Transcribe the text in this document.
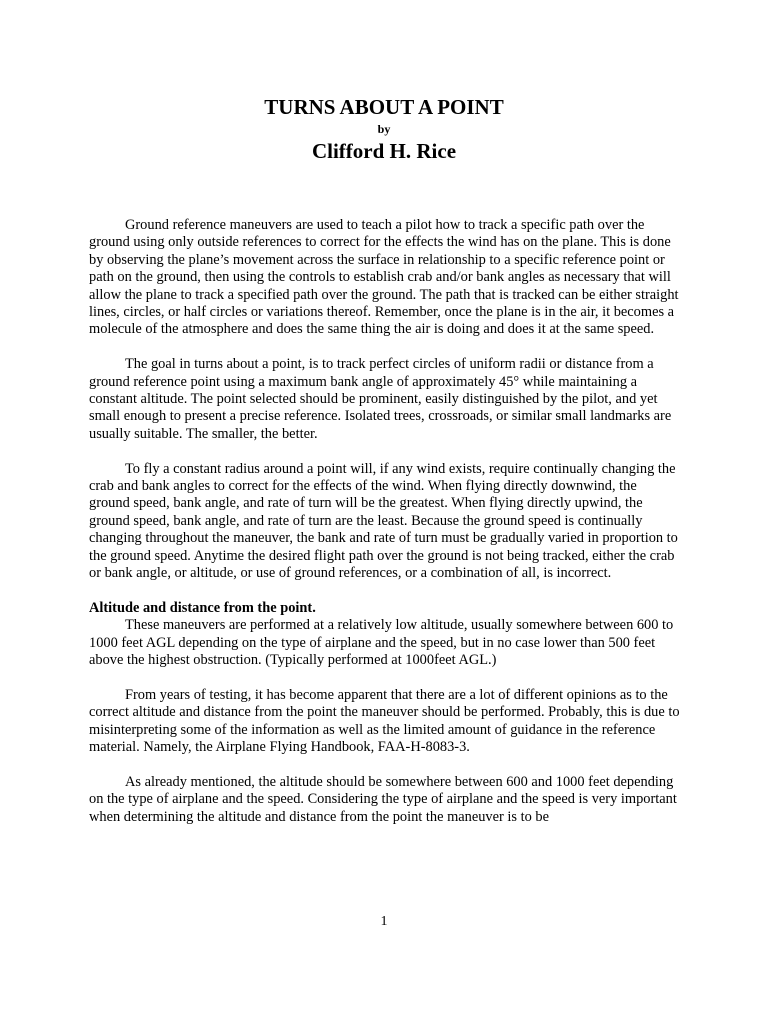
TURNS ABOUT A POINT
by
Clifford H. Rice

Ground reference maneuvers are used to teach a pilot how to track a specific path over the ground using only outside references to correct for the effects the wind has on the plane. This is done by observing the plane’s movement across the surface in relationship to a specific reference point or path on the ground, then using the controls to establish crab and/or bank angles as necessary that will allow the plane to track a specified path over the ground. The path that is tracked can be either straight lines, circles, or half circles or variations thereof. Remember, once the plane is in the air, it becomes a molecule of the atmosphere and does the same thing the air is doing and does it at the same speed.

The goal in turns about a point, is to track perfect circles of uniform radii or distance from a ground reference point using a maximum bank angle of approximately 45° while maintaining a constant altitude. The point selected should be prominent, easily distinguished by the pilot, and yet small enough to present a precise reference. Isolated trees, crossroads, or similar small landmarks are usually suitable. The smaller, the better.

To fly a constant radius around a point will, if any wind exists, require continually changing the crab and bank angles to correct for the effects of the wind. When flying directly downwind, the ground speed, bank angle, and rate of turn will be the greatest. When flying directly upwind, the ground speed, bank angle, and rate of turn are the least. Because the ground speed is continually changing throughout the maneuver, the bank and rate of turn must be gradually varied in proportion to the ground speed. Anytime the desired flight path over the ground is not being tracked, either the crab or bank angle, or altitude, or use of ground references, or a combination of all, is incorrect.

Altitude and distance from the point.
These maneuvers are performed at a relatively low altitude, usually somewhere between 600 to 1000 feet AGL depending on the type of airplane and the speed, but in no case lower than 500 feet above the highest obstruction. (Typically performed at 1000feet AGL.)

From years of testing, it has become apparent that there are a lot of different opinions as to the correct altitude and distance from the point the maneuver should be performed. Probably, this is due to misinterpreting some of the information as well as the limited amount of guidance in the reference material. Namely, the Airplane Flying Handbook, FAA-H-8083-3.

As already mentioned, the altitude should be somewhere between 600 and 1000 feet depending on the type of airplane and the speed. Considering the type of airplane and the speed is very important when determining the altitude and distance from the point the maneuver is to be

1
